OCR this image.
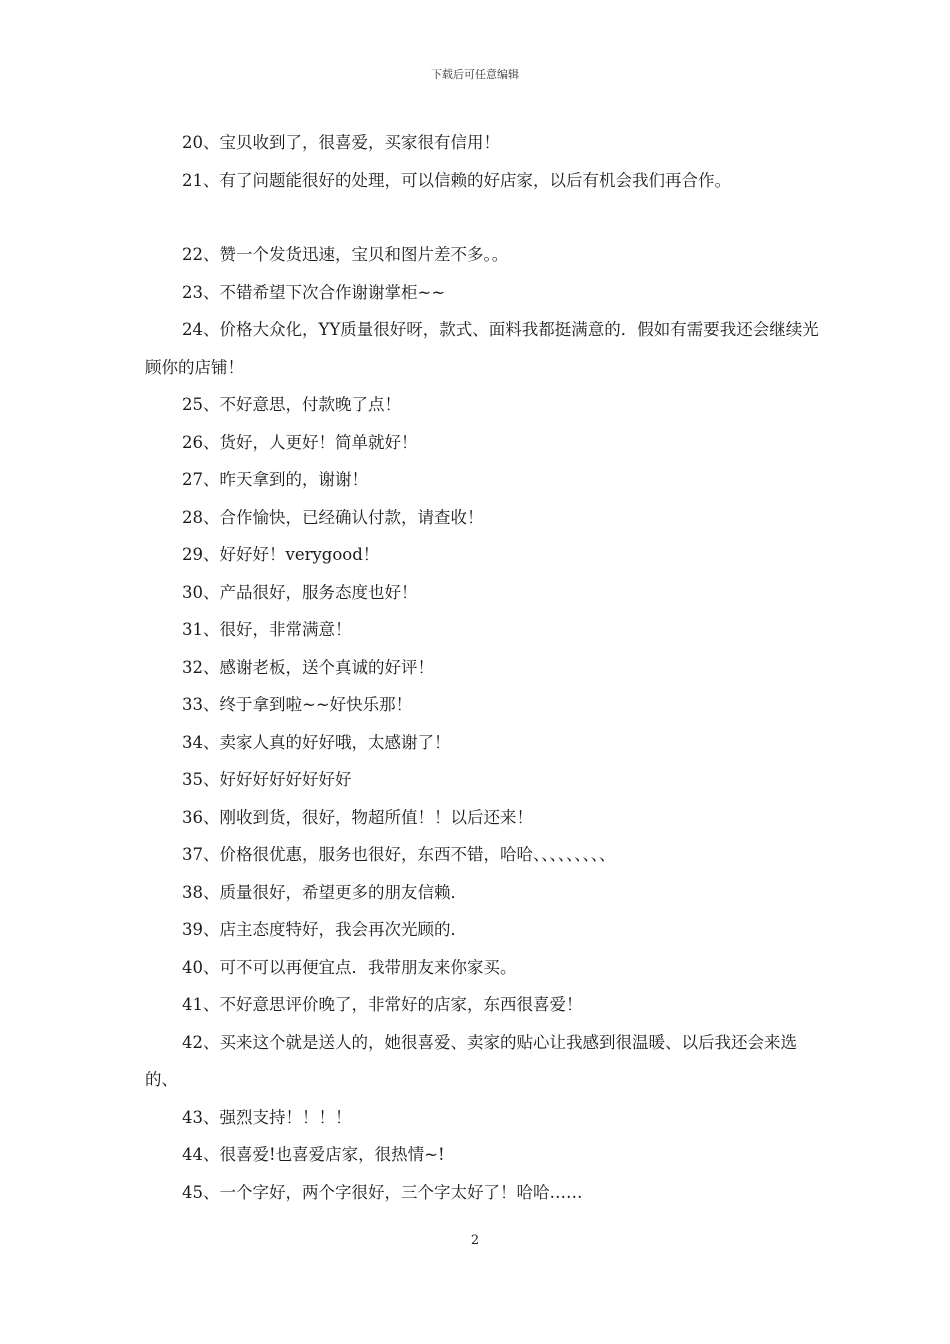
下载后可任意编辑

20、宝贝收到了，很喜爱，买家很有信用！

21、有了问题能很好的处理，可以信赖的好店家，以后有机会我们再合作。

22、赞一个发货迅速，宝贝和图片差不多。。

23、不错希望下次合作谢谢掌柜~~

24、价格大众化，YY质量很好呀，款式、面料我都挺满意的．假如有需要我还会继续光顾你的店铺！

25、不好意思，付款晚了点！

26、货好，人更好！简单就好！

27、昨天拿到的，谢谢！

28、合作愉快，已经确认付款，请查收！

29、好好好！verygood！

30、产品很好，服务态度也好！

31、很好，非常满意！

32、感谢老板，送个真诚的好评！

33、终于拿到啦~~好快乐那！

34、卖家人真的好好哦，太感谢了！

35、好好好好好好好好

36、刚收到货，很好，物超所值！！以后还来！

37、价格很优惠，服务也很好，东西不错，哈哈、、、、、、、、、

38、质量很好，希望更多的朋友信赖．

39、店主态度特好，我会再次光顾的．

40、可不可以再便宜点．我带朋友来你家买。

41、不好意思评价晚了，非常好的店家，东西很喜爱！

42、买来这个就是送人的，她很喜爱、卖家的贴心让我感到很温暖、以后我还会来选的、

43、强烈支持！！！！

44、很喜爱!也喜爱店家，很热情~!

45、一个字好，两个字很好，三个字太好了！哈哈……

2
